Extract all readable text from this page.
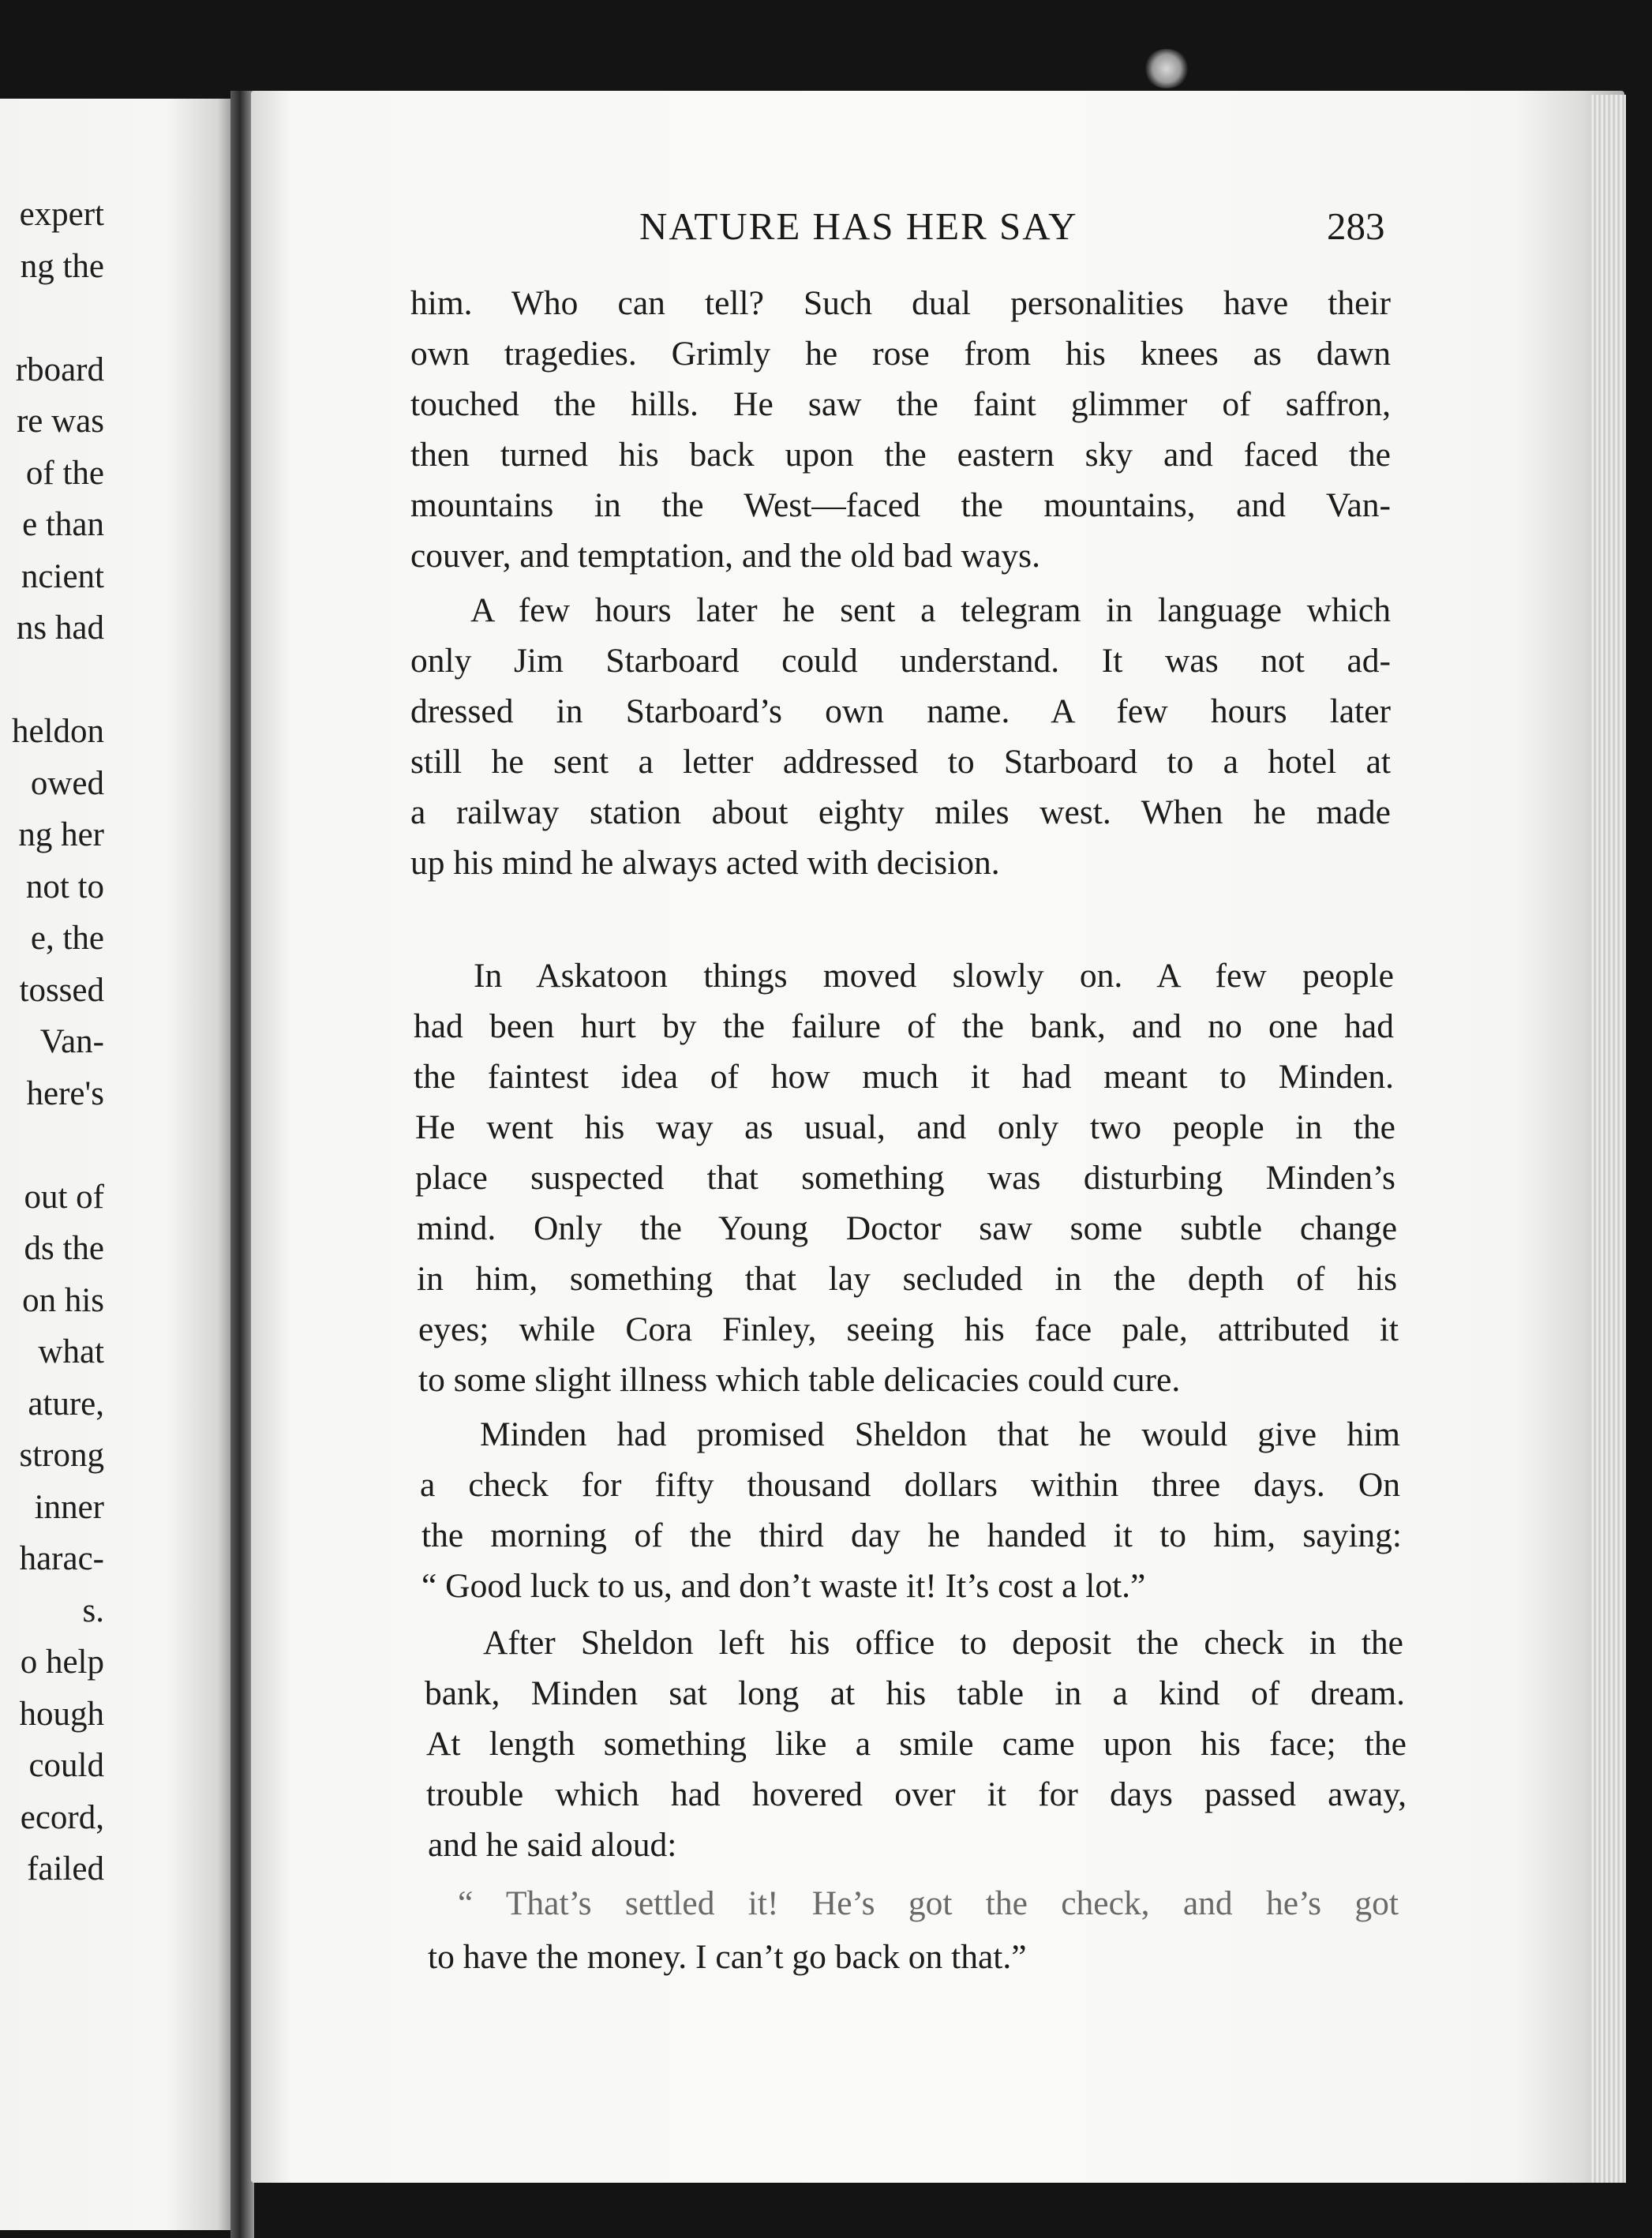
expert
ng the
rboard
re was
of the
e than
ncient
ns had
heldon
owed
ng her
not to
e, the
tossed
Van-
here's
out of
ds the
on his
what
ature,
strong
inner
harac-
s.
o help
hough
could
ecord,
failed
NATURE HAS HER SAY	283
him. Who can tell? Such dual personalities have their
own tragedies. Grimly he rose from his knees as dawn
touched the hills. He saw the faint glimmer of saffron,
then turned his back upon the eastern sky and faced the
mountains in the West—faced the mountains, and Van-
couver, and temptation, and the old bad ways.
A few hours later he sent a telegram in language which
only Jim Starboard could understand. It was not ad-
dressed in Starboard’s own name. A few hours later
still he sent a letter addressed to Starboard to a hotel at
a railway station about eighty miles west. When he made
up his mind he always acted with decision.
In Askatoon things moved slowly on. A few people
had been hurt by the failure of the bank, and no one had
the faintest idea of how much it had meant to Minden.
He went his way as usual, and only two people in the
place suspected that something was disturbing Minden’s
mind. Only the Young Doctor saw some subtle change
in him, something that lay secluded in the depth of his
eyes; while Cora Finley, seeing his face pale, attributed it
to some slight illness which table delicacies could cure.
Minden had promised Sheldon that he would give him
a check for fifty thousand dollars within three days. On
the morning of the third day he handed it to him, saying:
“ Good luck to us, and don’t waste it! It’s cost a lot.”
After Sheldon left his office to deposit the check in the
bank, Minden sat long at his table in a kind of dream.
At length something like a smile came upon his face; the
trouble which had hovered over it for days passed away,
and he said aloud:
“ That’s settled it! He’s got the check, and he’s got
to have the money. I can’t go back on that.”
